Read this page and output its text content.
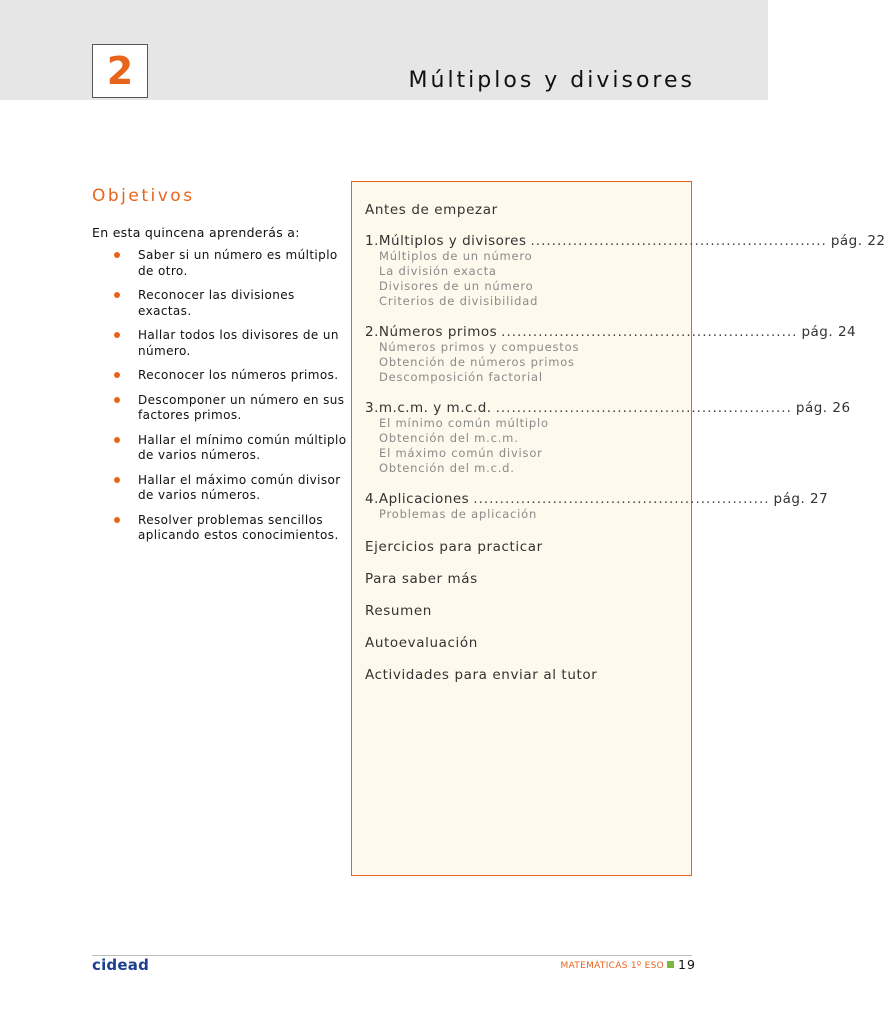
2	Múltiplos y divisores
Objetivos

En esta quincena aprenderás a:

Saber si un número es múltiplo de otro.
Reconocer las divisiones exactas.
Hallar todos los divisores de un número.
Reconocer los números primos.
Descomponer un número en sus factores primos.
Hallar el mínimo común múltiplo de varios números.
Hallar el máximo común divisor de varios números.
Resolver problemas sencillos aplicando estos conocimientos.

Antes de empezar

1.Múltiplos y divisores ........................................................ pág. 22

Múltiplos de un número

La división exacta

Divisores de un número

Criterios de divisibilidad

2.Números primos ........................................................ pág. 24

Números primos y compuestos

Obtención de números primos

Descomposición factorial

3.m.c.m. y m.c.d. ........................................................ pág. 26

El mínimo común múltiplo

Obtención del m.c.m.

El máximo común divisor

Obtención del m.c.d.

4.Aplicaciones ........................................................ pág. 27

Problemas de aplicación

Ejercicios para practicar

Para saber más

Resumen

Autoevaluación

Actividades para enviar al tutor

cidead	MATEMÁTICAS 1º ESO 19
